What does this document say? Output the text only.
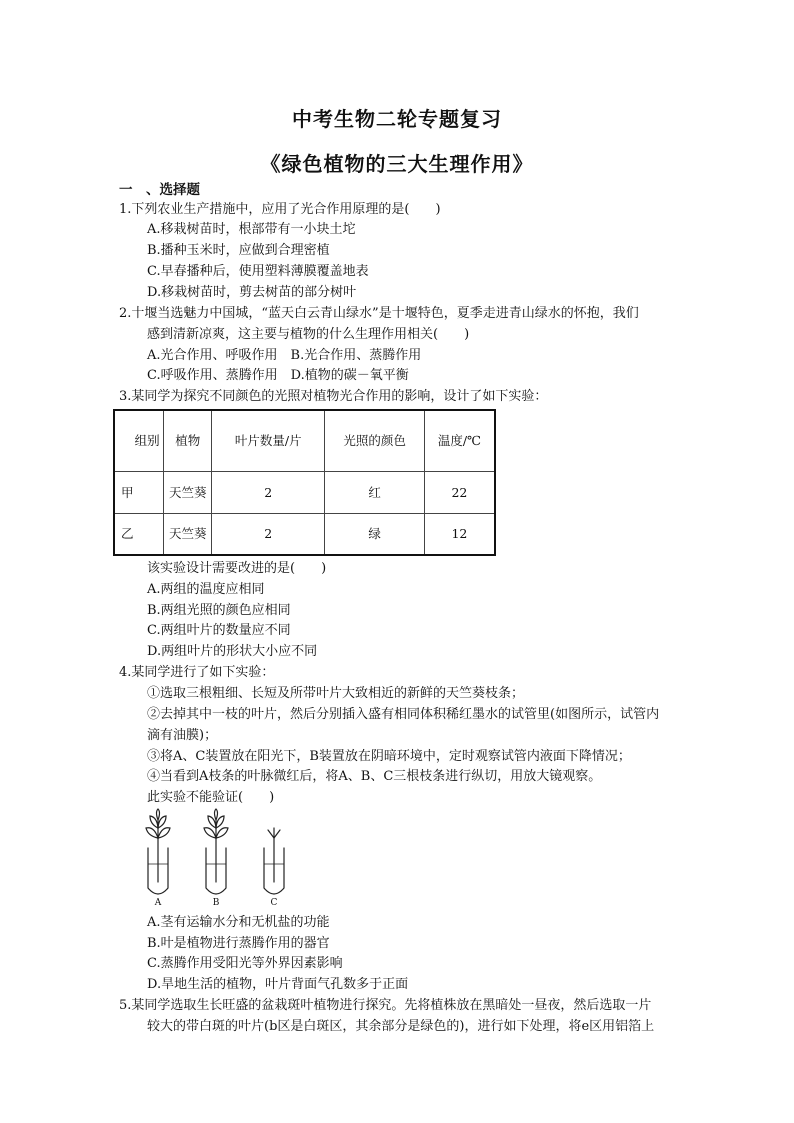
中考生物二轮专题复习
《绿色植物的三大生理作用》
一　、选择题
1.下列农业生产措施中，应用了光合作用原理的是(　　)
A.移栽树苗时，根部带有一小块土坨
B.播种玉米时，应做到合理密植
C.早春播种后，使用塑料薄膜覆盖地表
D.移栽树苗时，剪去树苗的部分树叶
2.十堰当选魅力中国城，“蓝天白云青山绿水”是十堰特色，夏季走进青山绿水的怀抱，我们
感到清新凉爽，这主要与植物的什么生理作用相关(　　)
A.光合作用、呼吸作用　B.光合作用、蒸腾作用
C.呼吸作用、蒸腾作用　D.植物的碳－氧平衡
3.某同学为探究不同颜色的光照对植物光合作用的影响，设计了如下实验：
组别	植物	叶片数量/片	光照的颜色	温度/℃
甲	天竺葵	2	红	22
乙	天竺葵	2	绿	12
该实验设计需要改进的是(　　)
A.两组的温度应相同
B.两组光照的颜色应相同
C.两组叶片的数量应不同
D.两组叶片的形状大小应不同
4.某同学进行了如下实验：
①选取三根粗细、长短及所带叶片大致相近的新鲜的天竺葵枝条；
②去掉其中一枝的叶片，然后分别插入盛有相同体积稀红墨水的试管里(如图所示，试管内
滴有油膜)；
③将A、C装置放在阳光下，B装置放在阴暗环境中，定时观察试管内液面下降情况；
④当看到A枝条的叶脉微红后，将A、B、C三根枝条进行纵切，用放大镜观察。
此实验不能验证(　　)
A	B	C
A.茎有运输水分和无机盐的功能
B.叶是植物进行蒸腾作用的器官
C.蒸腾作用受阳光等外界因素影响
D.旱地生活的植物，叶片背面气孔数多于正面
5.某同学选取生长旺盛的盆栽斑叶植物进行探究。先将植株放在黑暗处一昼夜，然后选取一片
较大的带白斑的叶片(b区是白斑区，其余部分是绿色的)，进行如下处理，将e区用铝箔上
